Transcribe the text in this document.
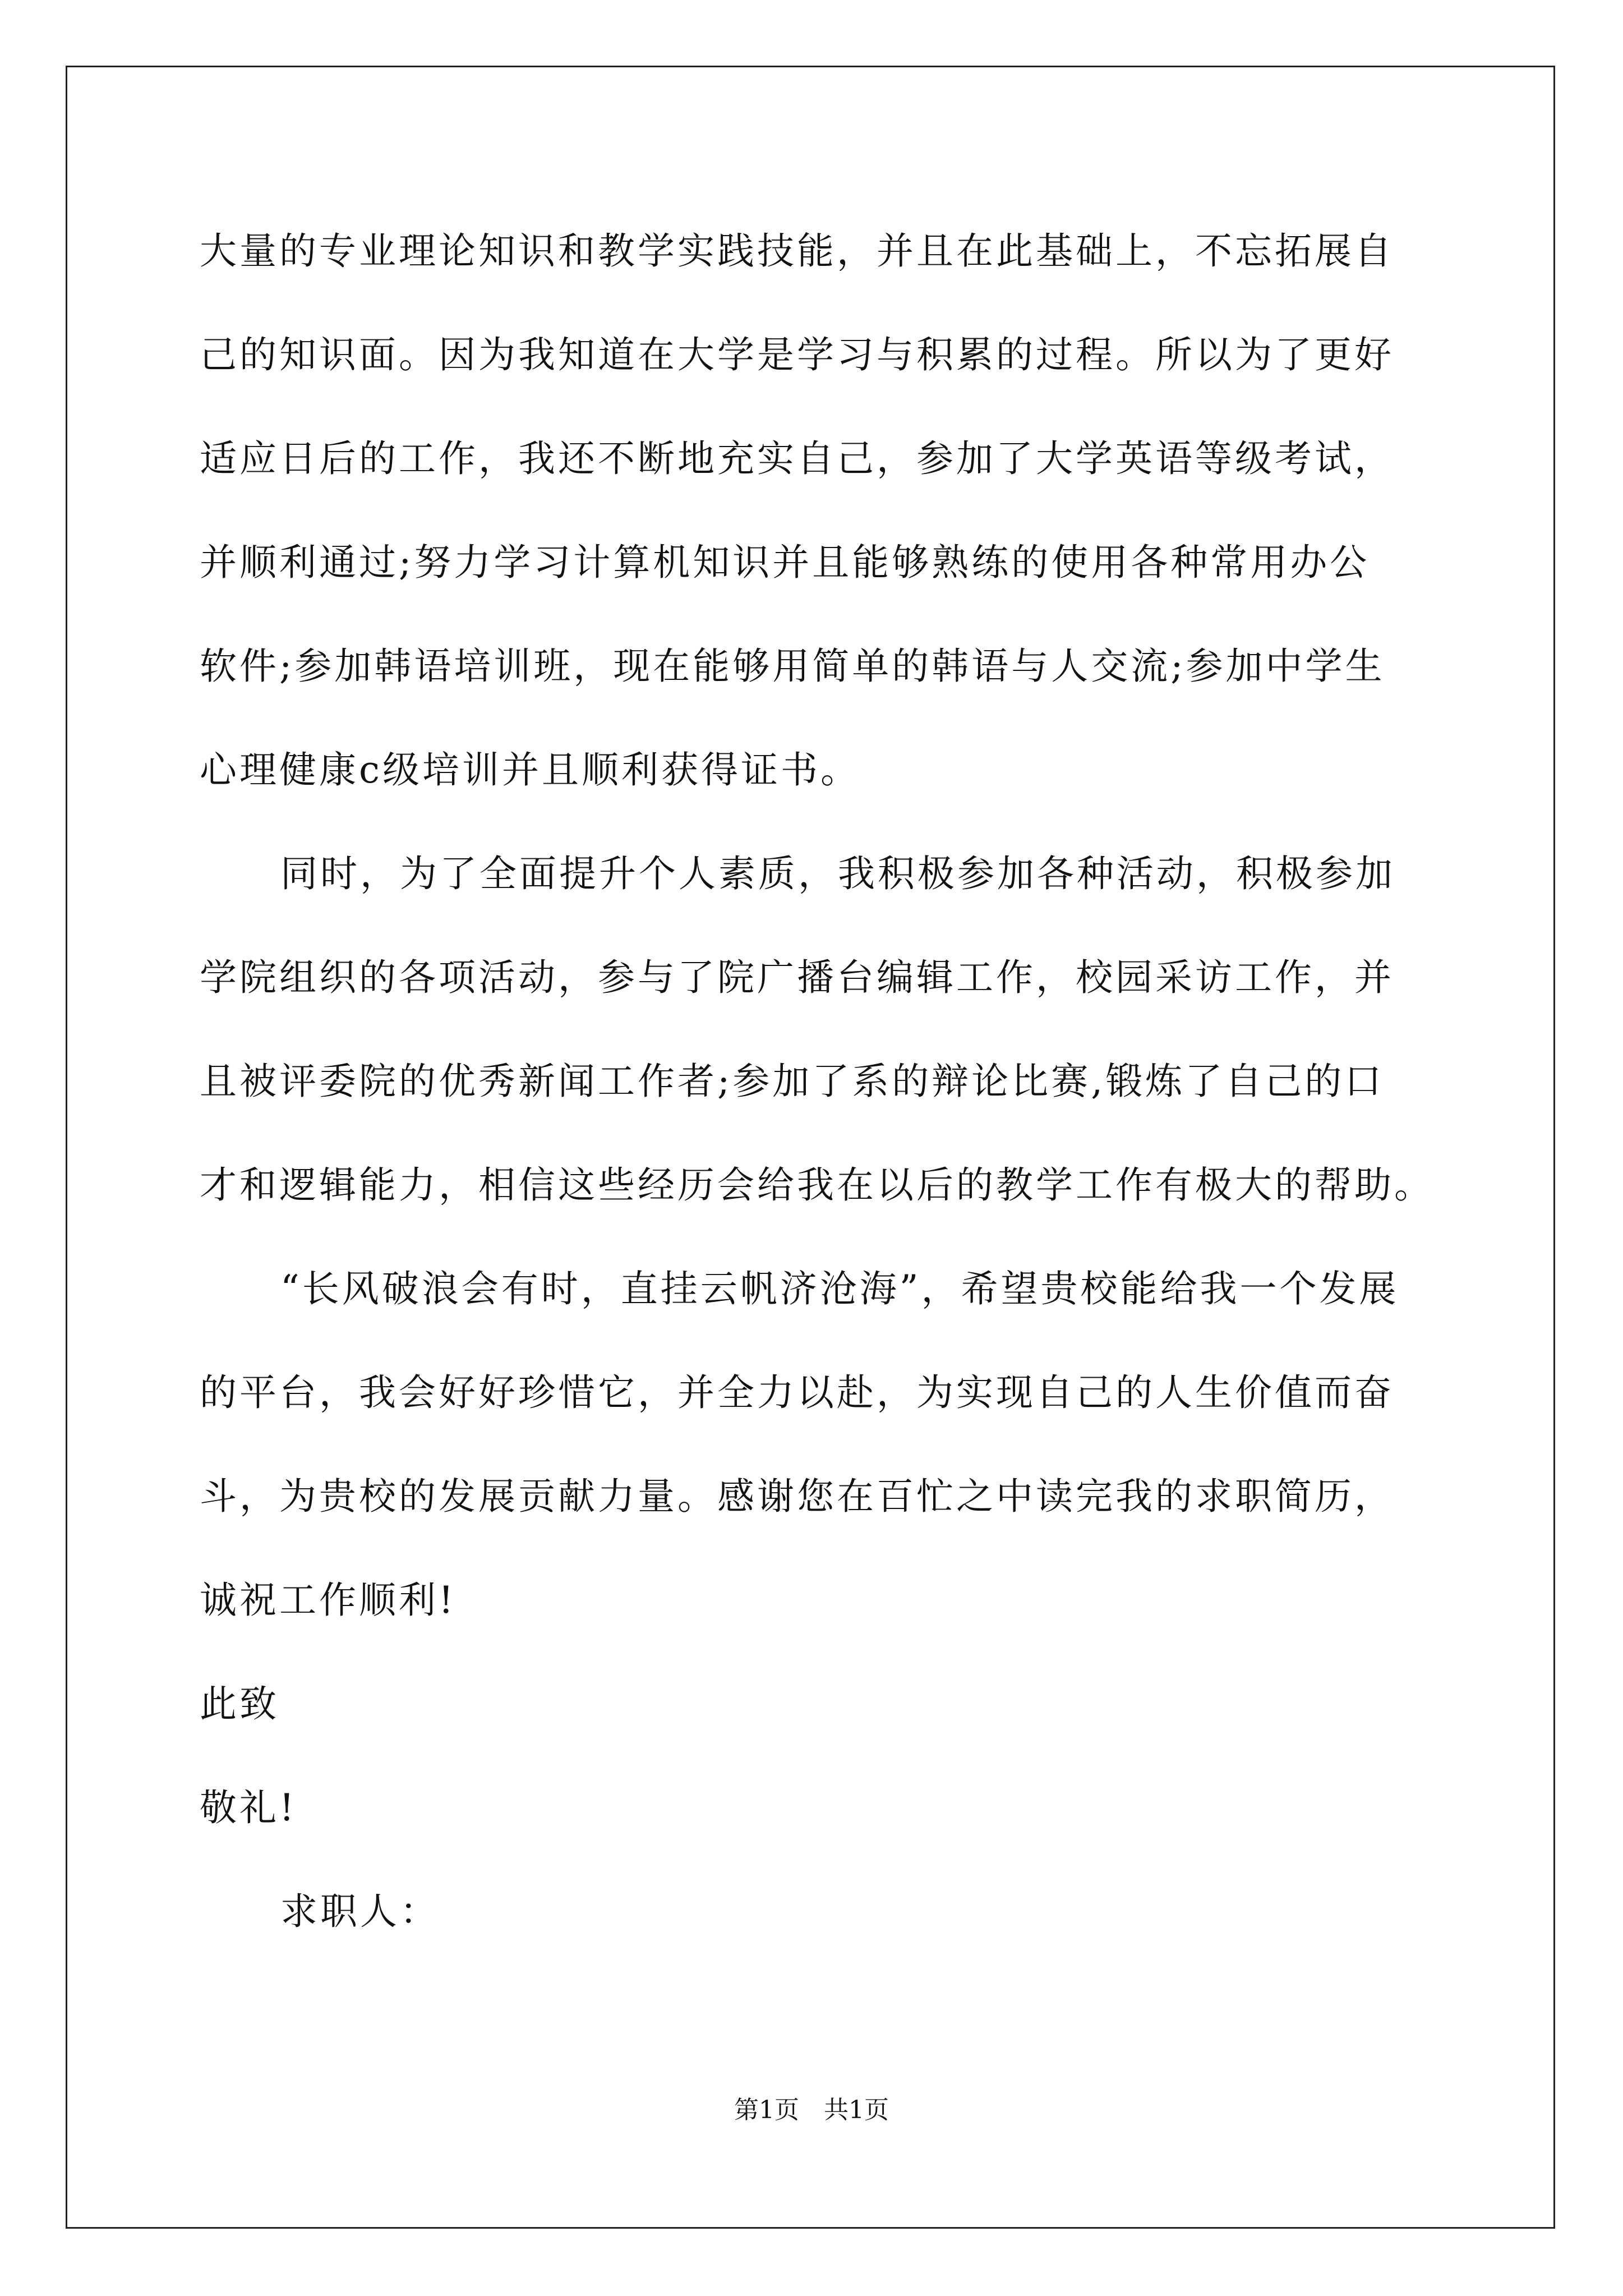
大量的专业理论知识和教学实践技能，并且在此基础上，不忘拓展自
己的知识面。因为我知道在大学是学习与积累的过程。所以为了更好
适应日后的工作，我还不断地充实自己，参加了大学英语等级考试，
并顺利通过;努力学习计算机知识并且能够熟练的使用各种常用办公
软件;参加韩语培训班，现在能够用简单的韩语与人交流;参加中学生
心理健康c级培训并且顺利获得证书。
同时，为了全面提升个人素质，我积极参加各种活动，积极参加
学院组织的各项活动，参与了院广播台编辑工作，校园采访工作，并
且被评委院的优秀新闻工作者;参加了系的辩论比赛,锻炼了自己的口
才和逻辑能力，相信这些经历会给我在以后的教学工作有极大的帮助。
“长风破浪会有时，直挂云帆济沧海”，希望贵校能给我一个发展
的平台，我会好好珍惜它，并全力以赴，为实现自己的人生价值而奋
斗，为贵校的发展贡献力量。感谢您在百忙之中读完我的求职简历，
诚祝工作顺利!
此致
敬礼!
求职人：
第1页　共1页
